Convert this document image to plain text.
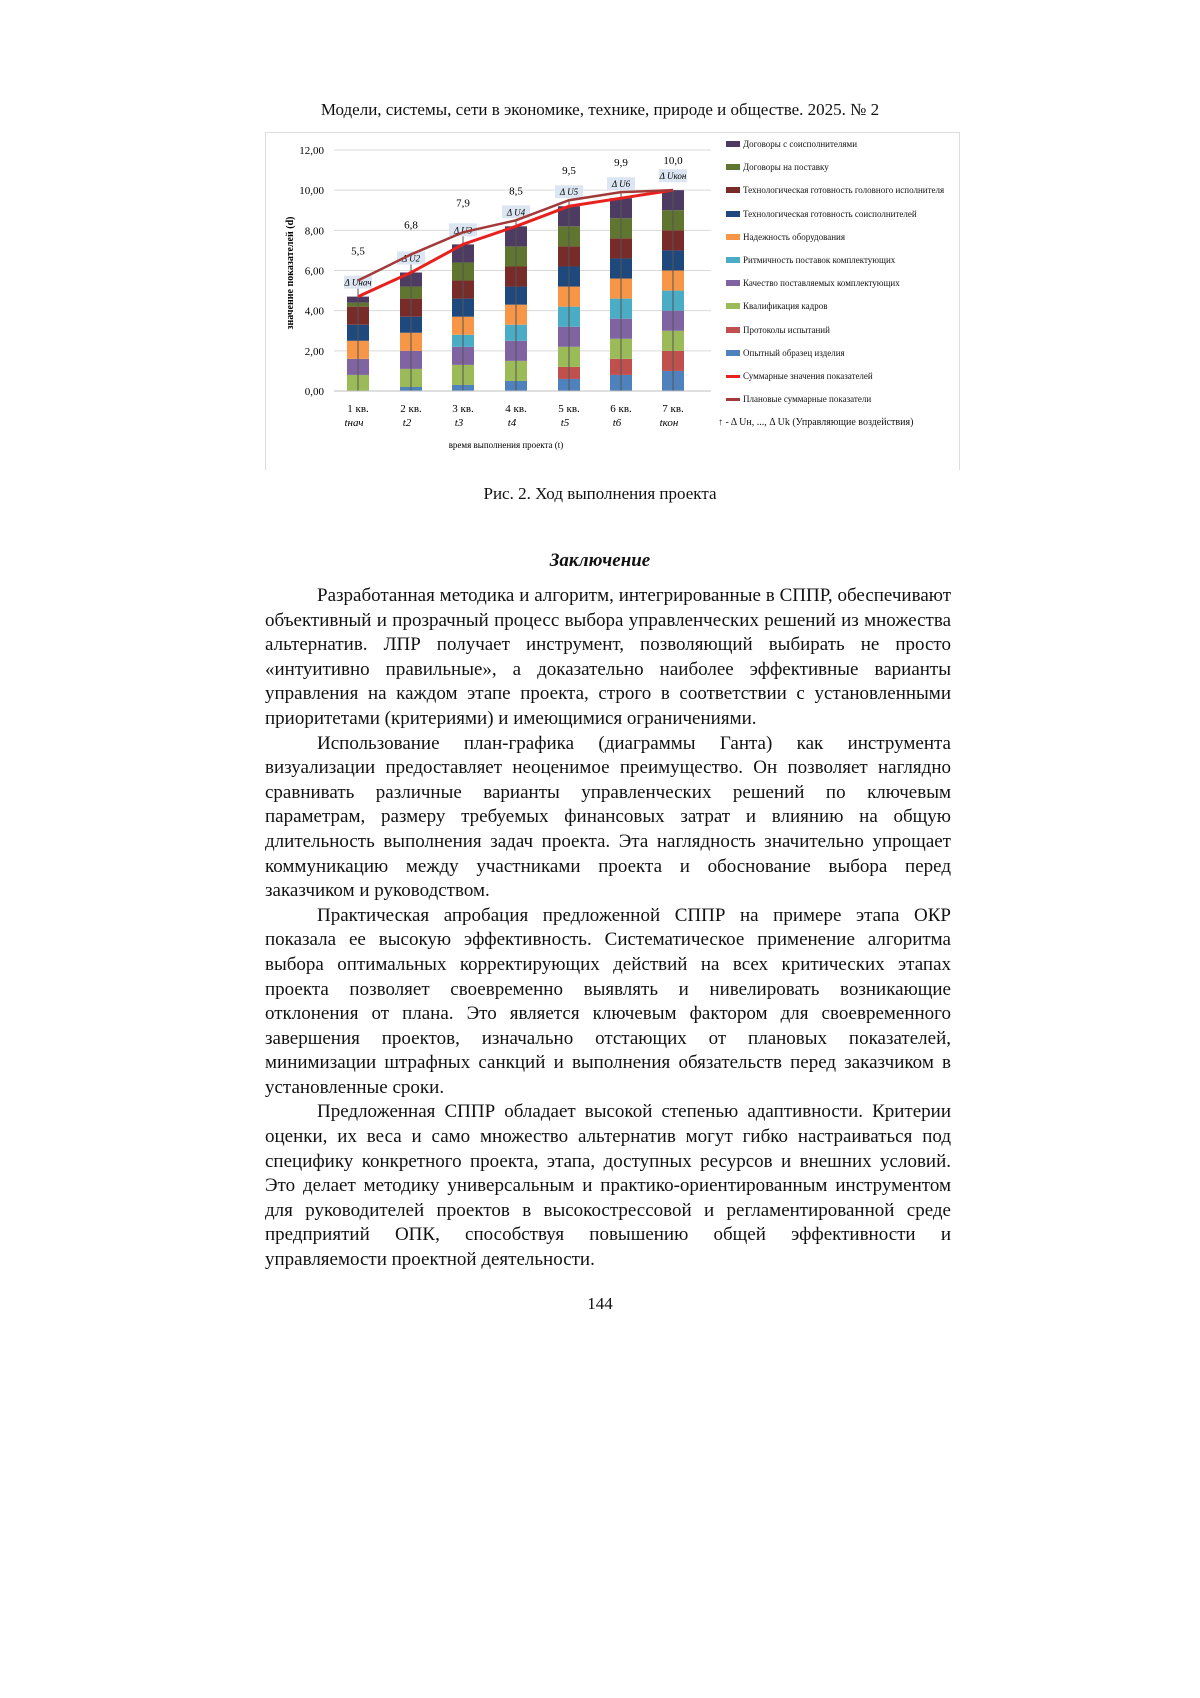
Модели, системы, сети в экономике, технике, природе и обществе. 2025. № 2
0,00
2,00
4,00
6,00
8,00
10,00
12,00
значение показателей (d)
1 кв.
tнач
5,5
Δ Uнач
2 кв.
t2
6,8
Δ U2
3 кв.
t3
7,9
Δ U3
4 кв.
t4
8,5
Δ U4
5 кв.
t5
9,5
Δ U5
6 кв.
t6
9,9
Δ U6
7 кв.
tкон
10,0
Δ Uкон
время выполнения проекта (t)
Договоры с соисполнителями
Договоры на поставку
Технологическая готовность головного исполнителя
Технологическая готовность соисполнителей
Надежность оборудования
Ритмичность поставок комплектующих
Качество поставляемых комплектующих
Квалификация кадров
Протоколы испытаний
Опытный образец изделия
Суммарные значения показателей
Плановые суммарные показатели
↑ - Δ Uн, ..., Δ Uk (Управляющие воздействия)
Рис. 2. Ход выполнения проекта
Заключение

Разработанная методика и алгоритм, интегрированные в СППР, обеспечивают объективный и прозрачный процесс выбора управленческих решений из множества альтернатив. ЛПР получает инструмент, позволяющий выбирать не просто «интуитивно правильные», а доказательно наиболее эффективные варианты управления на каждом этапе проекта, строго в соответствии с установленными приоритетами (критериями) и имеющимися ограничениями.

Использование план-графика (диаграммы Ганта) как инструмента визуализации предоставляет неоценимое преимущество. Он позволяет наглядно сравнивать различные варианты управленческих решений по ключевым параметрам, размеру требуемых финансовых затрат и влиянию на общую длительность выполнения задач проекта. Эта наглядность значительно упрощает коммуникацию между участниками проекта и обоснование выбора перед заказчиком и руководством.

Практическая апробация предложенной СППР на примере этапа ОКР показала ее высокую эффективность. Систематическое применение алгоритма выбора оптимальных корректирующих действий на всех критических этапах проекта позволяет своевременно выявлять и нивелировать возникающие отклонения от плана. Это является ключевым фактором для своевременного завершения проектов, изначально отстающих от плановых показателей, минимизации штрафных санкций и выполнения обязательств перед заказчиком в установленные сроки.

Предложенная СППР обладает высокой степенью адаптивности. Критерии оценки, их веса и само множество альтернатив могут гибко настраиваться под специфику конкретного проекта, этапа, доступных ресурсов и внешних условий. Это делает методику универсальным и практико-ориентированным инструментом для руководителей проектов в высокострессовой и регламентированной среде предприятий ОПК, способствуя повышению общей эффективности и управляемости проектной деятельности.

144
